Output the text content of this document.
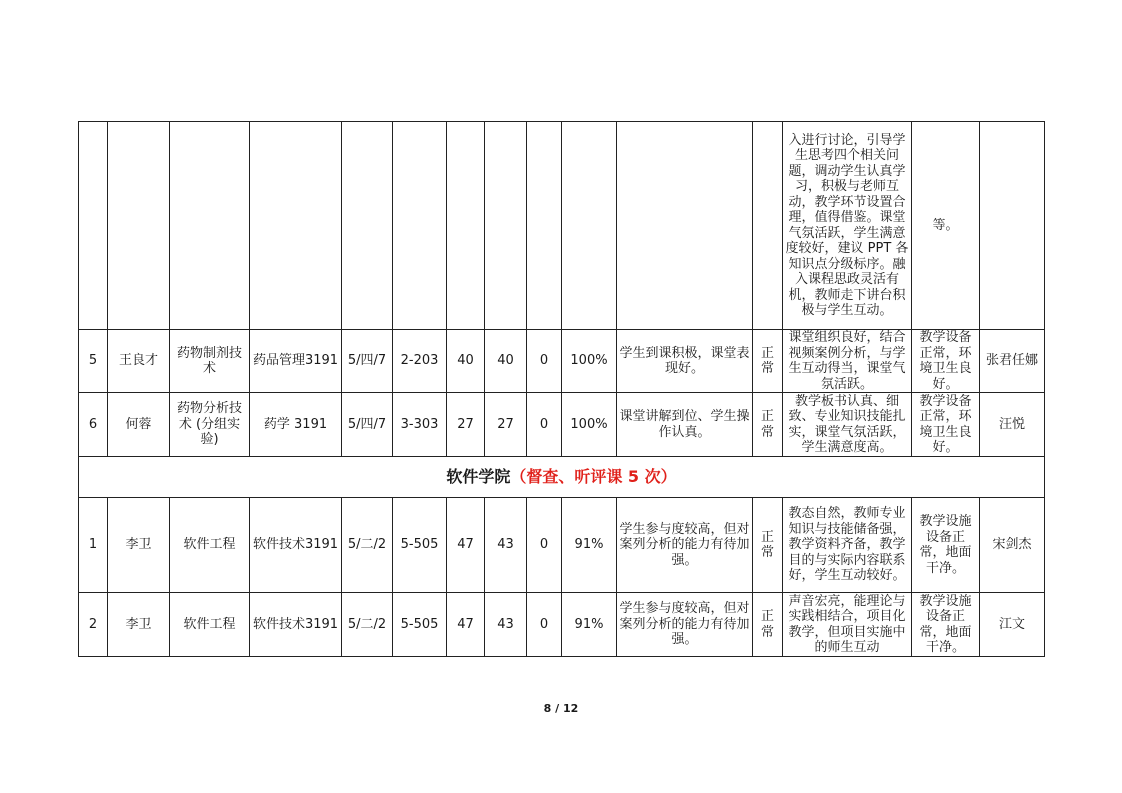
												入进行讨论，引导学生思考四个相关问题，调动学生认真学习，积极与老师互动，教学环节设置合理，值得借鉴。课堂气氛活跃，学生满意度较好，建议 PPT 各知识点分级标序。融入课程思政灵活有机，教师走下讲台积极与学生互动。	等。	
5	王良才	药物制剂技术	药品管理3191	5/四/7	2-203	40	40	0	100%	学生到课积极，课堂表现好。	正常	课堂组织良好，结合视频案例分析，与学生互动得当，课堂气氛活跃。	教学设备正常，环境卫生良好。	张君任娜
6	何蓉	药物分析技术 (分组实验)	药学 3191	5/四/7	3-303	27	27	0	100%	课堂讲解到位、学生操作认真。	正常	教学板书认真、细致、专业知识技能扎实，课堂气氛活跃，学生满意度高。	教学设备正常，环境卫生良好。	汪悦
软件学院（督查、听评课 5 次）														
1	李卫	软件工程	软件技术3191	5/二/2	5-505	47	43	0	91%	学生参与度较高，但对案列分析的能力有待加强。	正常	教态自然，教师专业知识与技能储备强，教学资料齐备，教学目的与实际内容联系好，学生互动较好。	教学设施设备正常，地面干净。	宋剑杰
2	李卫	软件工程	软件技术3191	5/二/2	5-505	47	43	0	91%	学生参与度较高，但对案列分析的能力有待加强。	正常	声音宏亮，能理论与实践相结合，项目化教学，但项目实施中的师生互动	教学设施设备正常，地面干净。	江文
8 / 12
